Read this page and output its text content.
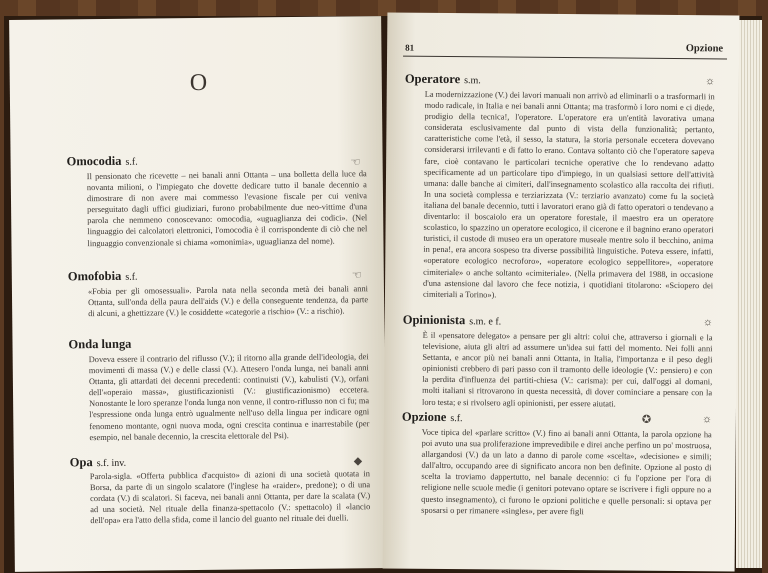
O
Omocodia s.f.	☜
Il pensionato che ricevette – nei banali anni Ottanta – una bolletta della luce da novanta milioni, o l'impiegato che dovette dedicare tutto il banale decennio a dimostrare di non avere mai commesso l'evasione fiscale per cui veniva perseguitato dagli uffici giudiziari, furono probabilmente due neo-vittime d'una parola che nemmeno conoscevano: omocodia, «uguaglianza dei codici». (Nel linguaggio dei calcolatori elettronici, l'omocodia è il corrispondente di ciò che nel linguaggio convenzionale si chiama «omonimia», uguaglianza del nome).
Omofobia s.f.	☜
«Fobia per gli omosessuali». Parola nata nella seconda metà dei banali anni Ottanta, sull'onda della paura dell'aids (V.) e della conseguente tendenza, da parte di alcuni, a ghettizzare (V.) le cosiddette «categorie a rischio» (V.: a rischio).
Onda lunga
Doveva essere il contrario del riflusso (V.); il ritorno alla grande dell'ideologia, dei movimenti di massa (V.) e delle classi (V.). Attesero l'onda lunga, nei banali anni Ottanta, gli attardati dei decenni precedenti: continuisti (V.), kabulisti (V.), orfani dell'«operaio massa», giustificazionisti (V.: giustificazionismo) eccetera. Nonostante le loro speranze l'onda lunga non venne, il contro-riflusso non ci fu; ma l'espressione onda lunga entrò ugualmente nell'uso della lingua per indicare ogni fenomeno montante, ogni nuova moda, ogni crescita continua e inarrestabile (per esempio, nel banale decennio, la crescita elettorale del Psi).
Opa s.f. inv.	◆
Parola-sigla. «Offerta pubblica d'acquisto» di azioni di una società quotata in Borsa, da parte di un singolo scalatore (l'inglese ha «raider», predone); o di una cordata (V.) di scalatori. Si faceva, nei banali anni Ottanta, per dare la scalata (V.) ad una società. Nel rituale della finanza-spettacolo (V.: spettacolo) il «lancio dell'opa» era l'atto della sfida, come il lancio del guanto nel rituale dei duelli.
81	Opzione
Operatore s.m.	☼
La modernizzazione (V.) dei lavori manuali non arrivò ad eliminarli o a trasformarli in modo radicale, in Italia e nei banali anni Ottanta; ma trasformò i loro nomi e ci diede, prodigio della tecnica!, l'operatore. L'operatore era un'entità lavorativa umana considerata esclusivamente dal punto di vista della funzionalità; pertanto, caratteristiche come l'età, il sesso, la statura, la storia personale eccetera dovevano considerarsi irrilevanti e di fatto lo erano. Contava soltanto ciò che l'operatore sapeva fare, cioè contavano le particolari tecniche operative che lo rendevano adatto specificamente ad un particolare tipo d'impiego, in un qualsiasi settore dell'attività umana: dalle banche ai cimiteri, dall'insegnamento scolastico alla raccolta dei rifiuti. In una società complessa e terziarizzata (V.: terziario avanzato) come fu la società italiana del banale decennio, tutti i lavoratori erano già di fatto operatori o tendevano a diventarlo: il boscaiolo era un operatore forestale, il maestro era un operatore scolastico, lo spazzino un operatore ecologico, il cicerone e il bagnino erano operatori turistici, il custode di museo era un operatore museale mentre solo il becchino, anima in pena!, era ancora sospeso tra diverse possibilità linguistiche. Poteva essere, infatti, «operatore ecologico necroforo», «operatore ecologico seppellitore», «operatore cimiteriale» o anche soltanto «cimiteriale». (Nella primavera del 1988, in occasione d'una astensione dal lavoro che fece notizia, i quotidiani titolarono: «Sciopero dei cimiteriali a Torino»).
Opinionista s.m. e f.	☼
È il «pensatore delegato» a pensare per gli altri: colui che, attraverso i giornali e la televisione, aiuta gli altri ad assumere un'idea sui fatti del momento. Nei folli anni Settanta, e ancor più nei banali anni Ottanta, in Italia, l'importanza e il peso degli opinionisti crebbero di pari passo con il tramonto delle ideologie (V.: pensiero) e con la perdita d'influenza dei partiti-chiesa (V.: carisma): per cui, dall'oggi al domani, molti italiani si ritrovarono in questa necessità, di dover cominciare a pensare con la loro testa; e si rivolsero agli opinionisti, per essere aiutati.
Opzione s.f.	✪	☼
Voce tipica del «parlare scritto» (V.) fino ai banali anni Ottanta, la parola opzione ha poi avuto una sua proliferazione imprevedibile e direi anche perfino un po' mostruosa, allargandosi (V.) da un lato a danno di parole come «scelta», «decisione» e simili; dall'altro, occupando aree di significato ancora non ben definite. Opzione al posto di scelta la troviamo dappertutto, nel banale decennio: ci fu l'opzione per l'ora di religione nelle scuole medie (i genitori potevano optare se iscrivere i figli oppure no a questo insegnamento), ci furono le opzioni politiche e quelle personali: si optava per sposarsi o per rimanere «singles», per avere figli
